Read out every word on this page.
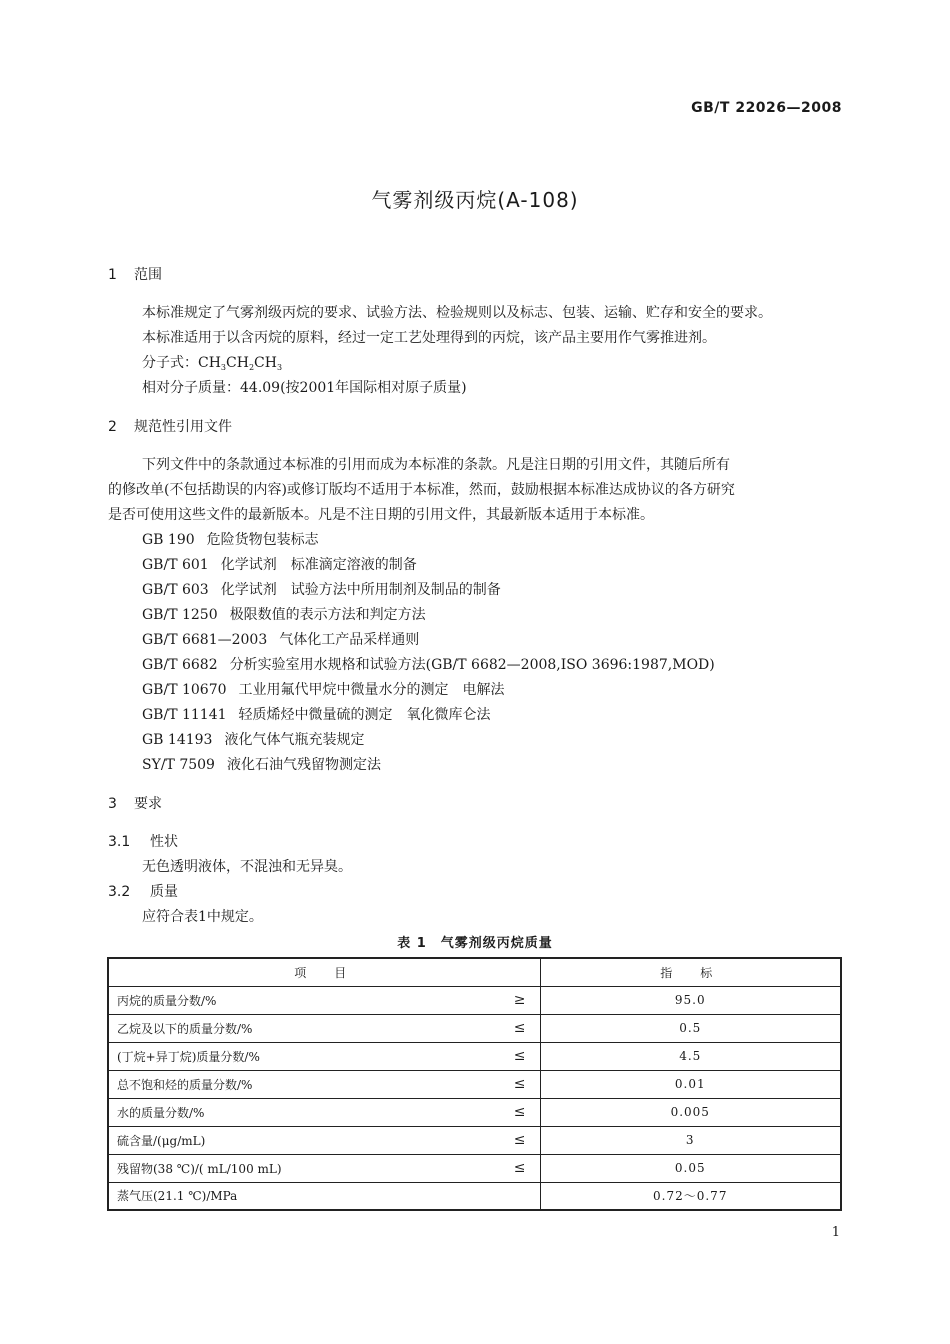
GB/T 22026—2008
气雾剂级丙烷(A-108)
1 范围
本标准规定了气雾剂级丙烷的要求、试验方法、检验规则以及标志、包装、运输、贮存和安全的要求。
本标准适用于以含丙烷的原料，经过一定工艺处理得到的丙烷，该产品主要用作气雾推进剂。
分子式：$CH_3CH_2CH_3$
相对分子质量：44.09(按2001年国际相对原子质量)
2 规范性引用文件
下列文件中的条款通过本标准的引用而成为本标准的条款。凡是注日期的引用文件，其随后所有
的修改单(不包括勘误的内容)或修订版均不适用于本标准，然而，鼓励根据本标准达成协议的各方研究
是否可使用这些文件的最新版本。凡是不注日期的引用文件，其最新版本适用于本标准。
GB 190 危险货物包装标志
GB/T 601 化学试剂　标准滴定溶液的制备
GB/T 603 化学试剂　试验方法中所用制剂及制品的制备
GB/T 1250 极限数值的表示方法和判定方法
GB/T 6681—2003 气体化工产品采样通则
GB/T 6682 分析实验室用水规格和试验方法(GB/T 6682—2008,ISO 3696:1987,MOD)
GB/T 10670 工业用氟代甲烷中微量水分的测定　电解法
GB/T 11141 轻质烯烃中微量硫的测定　氧化微库仑法
GB 14193 液化气体气瓶充装规定
SY/T 7509 液化石油气残留物测定法
3 要求
3.1 性状
无色透明液体，不混浊和无异臭。
3.2 质量
应符合表1中规定。
表 1　气雾剂级丙烷质量
项　目	指　标

丙烷的质量分数/% ≥	95.0

乙烷及以下的质量分数/% ≤	0.5

(丁烷+异丁烷)质量分数/% ≤	4.5

总不饱和烃的质量分数/% ≤	0.01

水的质量分数/% ≤	0.005

硫含量/(μg/mL) ≤	3

残留物(38 ℃)/( mL/100 mL) ≤	0.05

蒸气压(21.1 ℃)/MPa	0.72～0.77
1
